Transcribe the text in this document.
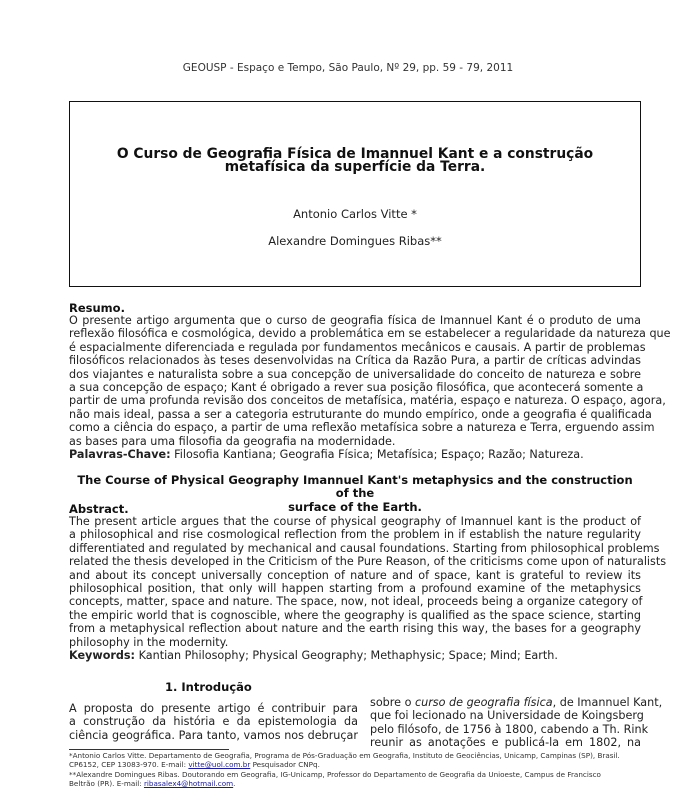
GEOUSP - Espaço e Tempo, São Paulo, Nº 29, pp. 59 - 79, 2011
O Curso de Geografia Física de Imannuel Kant e a construção
metafísica da superfície da Terra.
Antonio Carlos Vitte *
Alexandre Domingues Ribas**
Resumo.
O presente artigo argumenta que o curso de geografia física de Imannuel Kant é o produto de uma
reflexão filosófica e cosmológica, devido a problemática em se estabelecer a regularidade da natureza que
é espacialmente diferenciada e regulada por fundamentos mecânicos e causais. A partir de problemas
filosóficos relacionados às teses desenvolvidas na Crítica da Razão Pura, a partir de críticas advindas
dos viajantes e naturalista sobre a sua concepção de universalidade do conceito de natureza e sobre
a sua concepção de espaço; Kant é obrigado a rever sua posição filosófica, que acontecerá somente a
partir de uma profunda revisão dos conceitos de metafísica, matéria, espaço e natureza. O espaço, agora,
não mais ideal, passa a ser a categoria estruturante do mundo empírico, onde a geografia é qualificada
como a ciência do espaço, a partir de uma reflexão metafísica sobre a natureza e Terra, erguendo assim
as bases para uma filosofia da geografia na modernidade.
Palavras-Chave: Filosofia Kantiana; Geografia Física; Metafísica; Espaço; Razão; Natureza.
The Course of Physical Geography Imannuel Kant's metaphysics and the construction of the
surface of the Earth.
Abstract.
The present article argues that the course of physical geography of Imannuel kant is the product of
a philosophical and rise cosmological reflection from the problem in if establish the nature regularity
differentiated and regulated by mechanical and causal foundations. Starting from philosophical problems
related the thesis developed in the Criticism of the Pure Reason, of the criticisms come upon of naturalists
and about its concept universally conception of nature and of space, kant is grateful to review its
philosophical position, that only will happen starting from a profound examine of the metaphysics
concepts, matter, space and nature. The space, now, not ideal, proceeds being a organize category of
the empiric world that is cognoscible, where the geography is qualified as the space science, starting
from a metaphysical reflection about nature and the earth rising this way, the bases for a geography
philosophy in the modernity.
Keywords: Kantian Philosophy; Physical Geography; Methaphysic; Space; Mind; Earth.
1. Introdução
A proposta do presente artigo é contribuir para
a construção da história e da epistemologia da
ciência geográfica. Para tanto, vamos nos debruçar
sobre o curso de geografia física, de Imannuel Kant,
que foi lecionado na Universidade de Koingsberg
pelo filósofo, de 1756 à 1800, cabendo a Th. Rink
reunir as anotações e publicá-la em 1802, na
*Antonio Carlos Vitte. Departamento de Geografia, Programa de Pós-Graduação em Geografia, Instituto de Geociências, Unicamp, Campinas (SP), Brasil.
CP6152, CEP 13083-970. E-mail: vitte@uol.com.br Pesquisador CNPq.
**Alexandre Domingues Ribas. Doutorando em Geografia, IG-Unicamp, Professor do Departamento de Geografia da Unioeste, Campus de Francisco
Beltrão (PR). E-mail: ribasalex4@hotmail.com.
